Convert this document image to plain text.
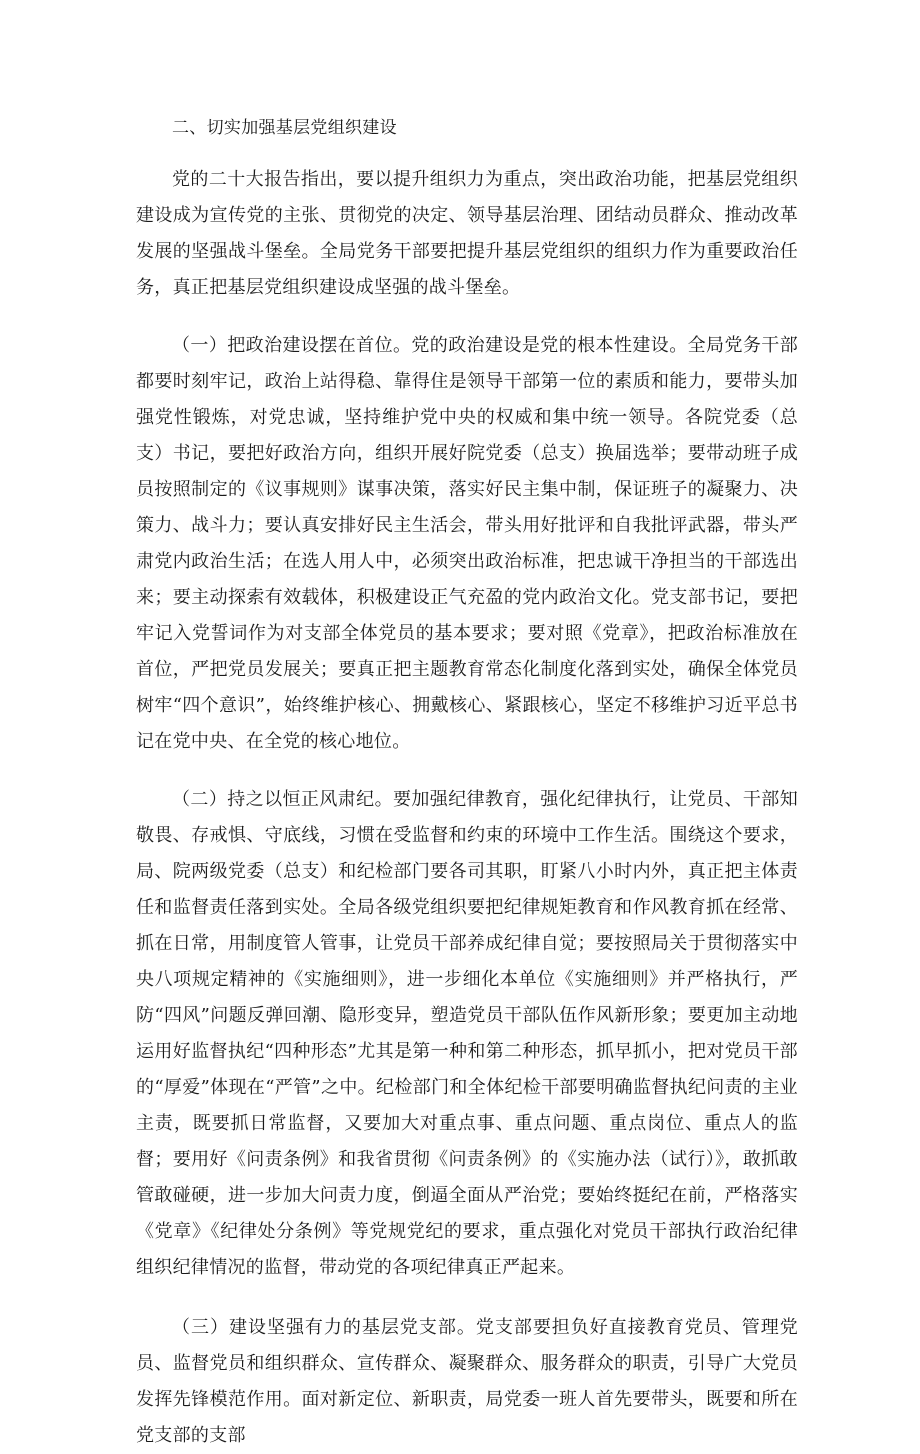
二、切实加强基层党组织建设

党的二十大报告指出，要以提升组织力为重点，突出政治功能，把基层党组织建设成为宣传党的主张、贯彻党的决定、领导基层治理、团结动员群众、推动改革发展的坚强战斗堡垒。全局党务干部要把提升基层党组织的组织力作为重要政治任务，真正把基层党组织建设成坚强的战斗堡垒。

（一）把政治建设摆在首位。党的政治建设是党的根本性建设。全局党务干部都要时刻牢记，政治上站得稳、靠得住是领导干部第一位的素质和能力，要带头加强党性锻炼，对党忠诚，坚持维护党中央的权威和集中统一领导。各院党委（总支）书记，要把好政治方向，组织开展好院党委（总支）换届选举；要带动班子成员按照制定的《议事规则》谋事决策，落实好民主集中制，保证班子的凝聚力、决策力、战斗力；要认真安排好民主生活会，带头用好批评和自我批评武器，带头严肃党内政治生活；在选人用人中，必须突出政治标准，把忠诚干净担当的干部选出来；要主动探索有效载体，积极建设正气充盈的党内政治文化。党支部书记，要把牢记入党誓词作为对支部全体党员的基本要求；要对照《党章》，把政治标准放在首位，严把党员发展关；要真正把主题教育常态化制度化落到实处，确保全体党员树牢“四个意识”，始终维护核心、拥戴核心、紧跟核心，坚定不移维护习近平总书记在党中央、在全党的核心地位。

（二）持之以恒正风肃纪。要加强纪律教育，强化纪律执行，让党员、干部知敬畏、存戒惧、守底线，习惯在受监督和约束的环境中工作生活。围绕这个要求，局、院两级党委（总支）和纪检部门要各司其职，盯紧八小时内外，真正把主体责任和监督责任落到实处。全局各级党组织要把纪律规矩教育和作风教育抓在经常、抓在日常，用制度管人管事，让党员干部养成纪律自觉；要按照局关于贯彻落实中央八项规定精神的《实施细则》，进一步细化本单位《实施细则》并严格执行，严防“四风”问题反弹回潮、隐形变异，塑造党员干部队伍作风新形象；要更加主动地运用好监督执纪“四种形态”尤其是第一种和第二种形态，抓早抓小，把对党员干部的“厚爱”体现在“严管”之中。纪检部门和全体纪检干部要明确监督执纪问责的主业主责，既要抓日常监督，又要加大对重点事、重点问题、重点岗位、重点人的监督；要用好《问责条例》和我省贯彻《问责条例》的《实施办法（试行）》，敢抓敢管敢碰硬，进一步加大问责力度，倒逼全面从严治党；要始终挺纪在前，严格落实《党章》《纪律处分条例》等党规党纪的要求，重点强化对党员干部执行政治纪律组织纪律情况的监督，带动党的各项纪律真正严起来。

（三）建设坚强有力的基层党支部。党支部要担负好直接教育党员、管理党员、监督党员和组织群众、宣传群众、凝聚群众、服务群众的职责，引导广大党员发挥先锋模范作用。面对新定位、新职责，局党委一班人首先要带头，既要和所在党支部的支部
